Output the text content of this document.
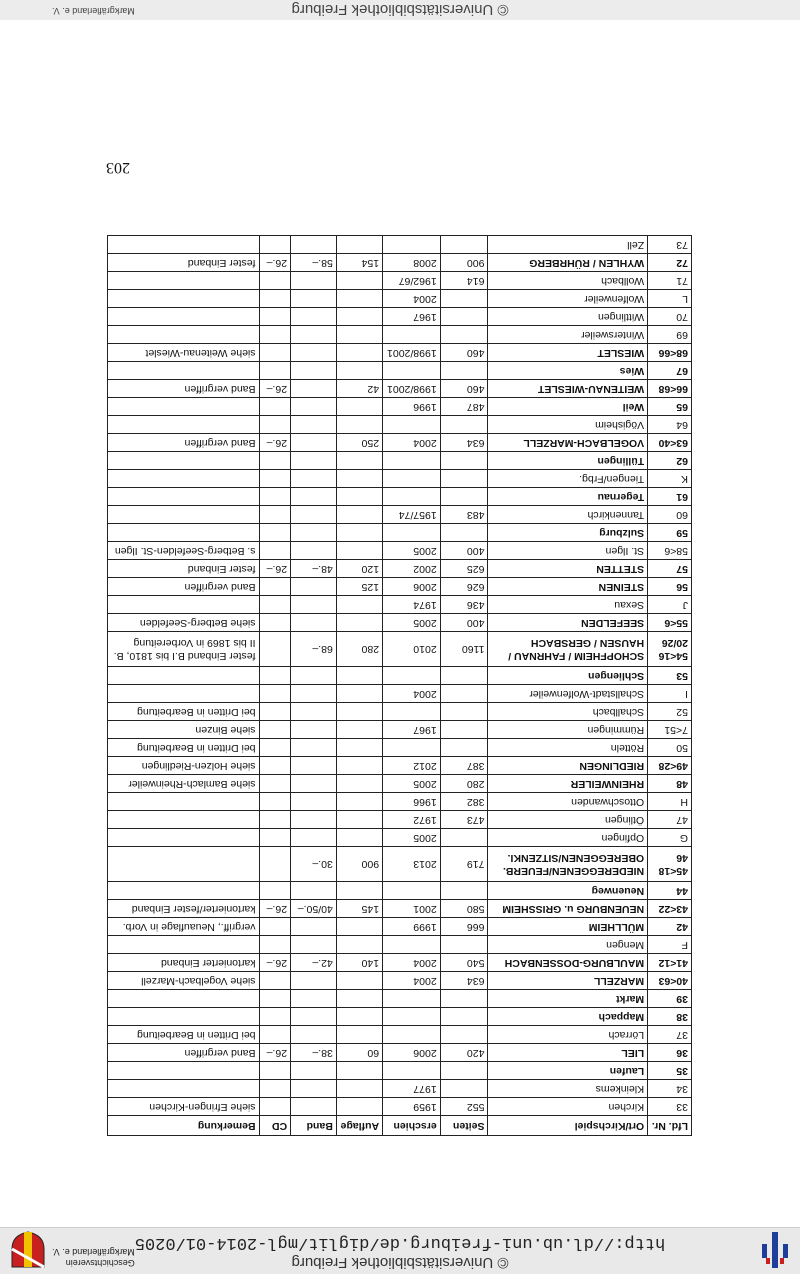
© Universitätsbibliothek Freiburg
http://dl.ub.uni-freiburg.de/diglit/mgl-2014-01/0205
Geschichtsverein
Markgräflerland e. V.
203
Lfd. Nr.	Ort/Kirchspiel	Seiten	erschien	Auflage	Band	CD	Bemerkung
33	Kirchen	552	1959				siehe Efringen-Kirchen
34	Kleinkems		1977				
35	Laufen						
36	LIEL	420	2006	60	38.–	26.–	Band vergriffen
37	Lörrach						bei Dritten in Bearbeitung
38	Mappach						
39	Markt						
40<63	MARZELL	634	2004				siehe Vogelbach-Marzell
41<12	MAULBURG-DOSSENBACH	540	2004	140	42.–	26.–	kartonierter Einband
F	Mengen						
42	MÜLLHEIM	666	1999				vergriff., Neuauflage in Vorb.
43<22	NEUENBURG u. GRISSHEIM	580	2001	145	40/50.–	26.–	kartonierter/fester Einband
44	Neuenweg						
45<18 46	NIEDEREGGENEN/FEUERB. OBEREGGENEN/SITZENKI.	719	2013	900	30.–		
G	Opfingen		2005				
47	Ötlingen	473	1972				
H	Ottoschwanden	382	1966				
48	RHEINWEILER	280	2005				siehe Bamlach-Rheinweiler
49<28	RIEDLINGEN	387	2012				siehe Holzen-Riedlingen
50	Rötteln						bei Dritten in Bearbeitung
7<51	Rümmingen		1967				siehe Binzen
52	Schallbach						bei Dritten in Bearbeitung
I	Schallstadt-Wolfenweiler		2004				
53	Schliengen						
54<16 20/26	SCHOPFHEIM / FAHRNAU / HAUSEN / GERSBACH	1160	2010	280	68.–		fester Einband B.I bis 1810, B. II bis 1869 in Vorbereitung
55<6	SEEFELDEN	400	2005				siehe Betberg-Seefelden
J	Sexau	436	1974				
56	STEINEN	626	2006	125			Band vergriffen
57	STETTEN	625	2002	120	48.–	26.–	fester Einband
58<6	St. Ilgen	400	2005				s. Betberg-Seefelden-St. Ilgen
59	Sulzburg						
60	Tannenkirch	483	1957/74				
61	Tegernau						
K	Tiengen/Frbg.						
62	Tüllingen						
63<40	VOGELBACH-MARZELL	634	2004	250		26.–	Band vergriffen
64	Vögisheim						
65	Weil	487	1996				
66<68	WEITENAU-WIESLET	460	1998/2001	42		26.–	Band vergriffen
67	Wies						
68<66	WIESLET	460	1998/2001				siehe Weitenau-Wieslet
69	Wintersweiler						
70	Wittlingen		1967				
L	Wolfenweiler		2004				
71	Wollbach	614	1962/67				
72	WYHLEN / RÜHRBERG	900	2008	154	58.–	26.–	fester Einband
73	Zell						
© Universitätsbibliothek Freiburg
Markgräflerland e. V.
